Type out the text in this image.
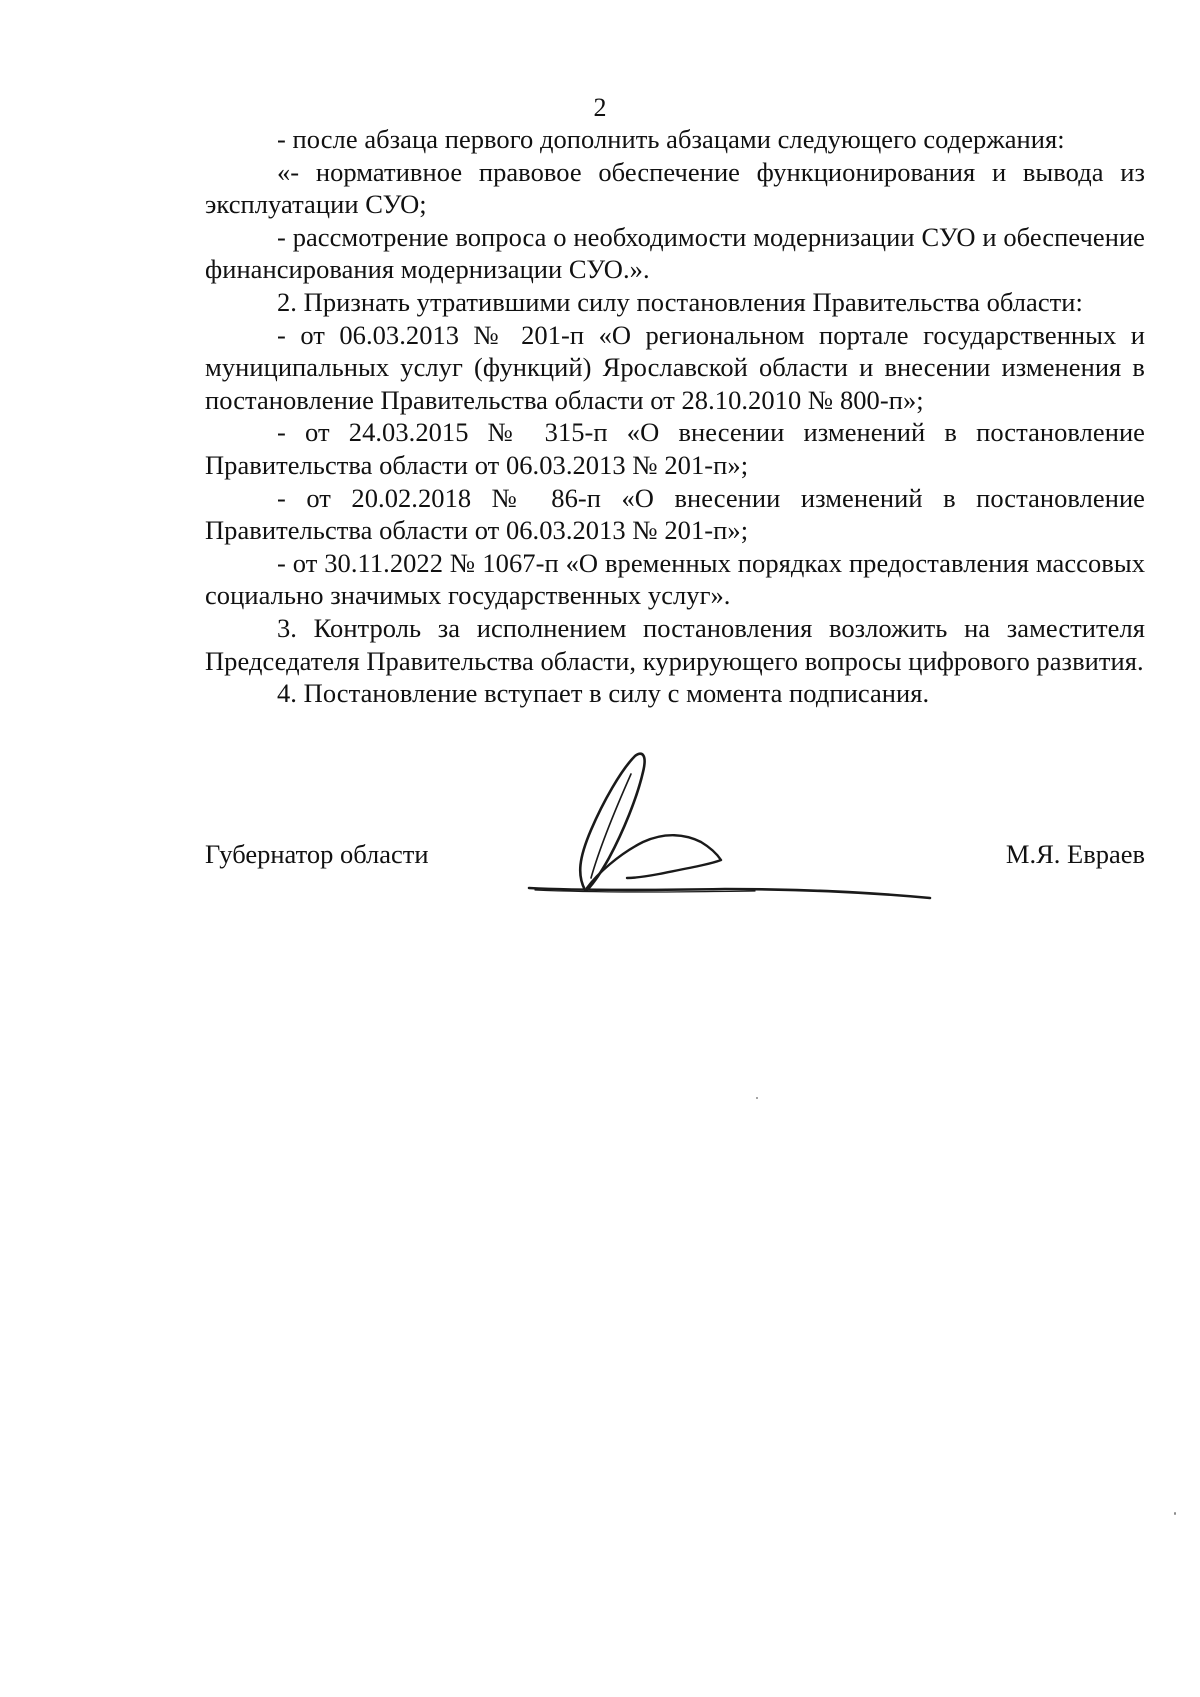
2

- после абзаца первого дополнить абзацами следующего содержания:

«- нормативное правовое обеспечение функционирования и вывода из эксплуатации СУО;

- рассмотрение вопроса о необходимости модернизации СУО и обеспечение финансирования модернизации СУО.».

2. Признать утратившими силу постановления Правительства области:

- от 06.03.2013 № 201-п «О региональном портале государственных и муниципальных услуг (функций) Ярославской области и внесении изменения в постановление Правительства области от 28.10.2010 № 800-п»;

- от 24.03.2015 № 315-п «О внесении изменений в постановление Правительства области от 06.03.2013 № 201-п»;

- от 20.02.2018 № 86-п «О внесении изменений в постановление Правительства области от 06.03.2013 № 201-п»;

- от 30.11.2022 № 1067-п «О временных порядках предоставления массовых социально значимых государственных услуг».

3. Контроль за исполнением постановления возложить на заместителя Председателя Правительства области, курирующего вопросы цифрового развития.

4. Постановление вступает в силу с момента подписания.

Губернатор области	М.Я. Евраев
